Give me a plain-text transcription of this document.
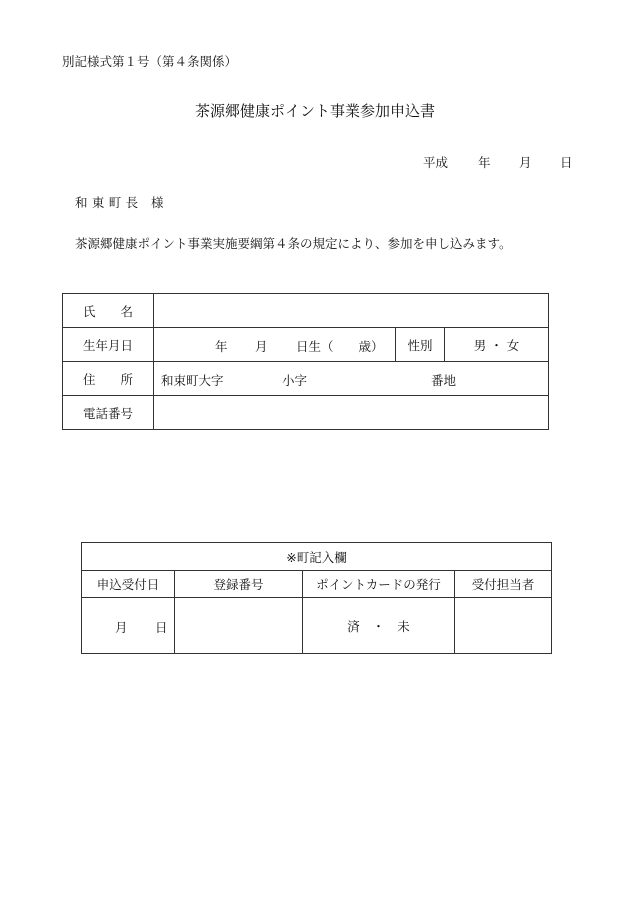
別記様式第１号（第４条関係）
茶源郷健康ポイント事業参加申込書
平成 年 月 日
和 東 町 長　様
茶源郷健康ポイント事業実施要綱第４条の規定により、参加を申し込みます。
氏　　名			
生年月日	年 月 日生（　　歳）	性別	男 ・ 女
住　　所	和束町大字 小字 番地		

電話番号			
※町記入欄			
申込受付日	登録番号	ポイントカードの発行	受付担当者

月 日		済　・　未	
